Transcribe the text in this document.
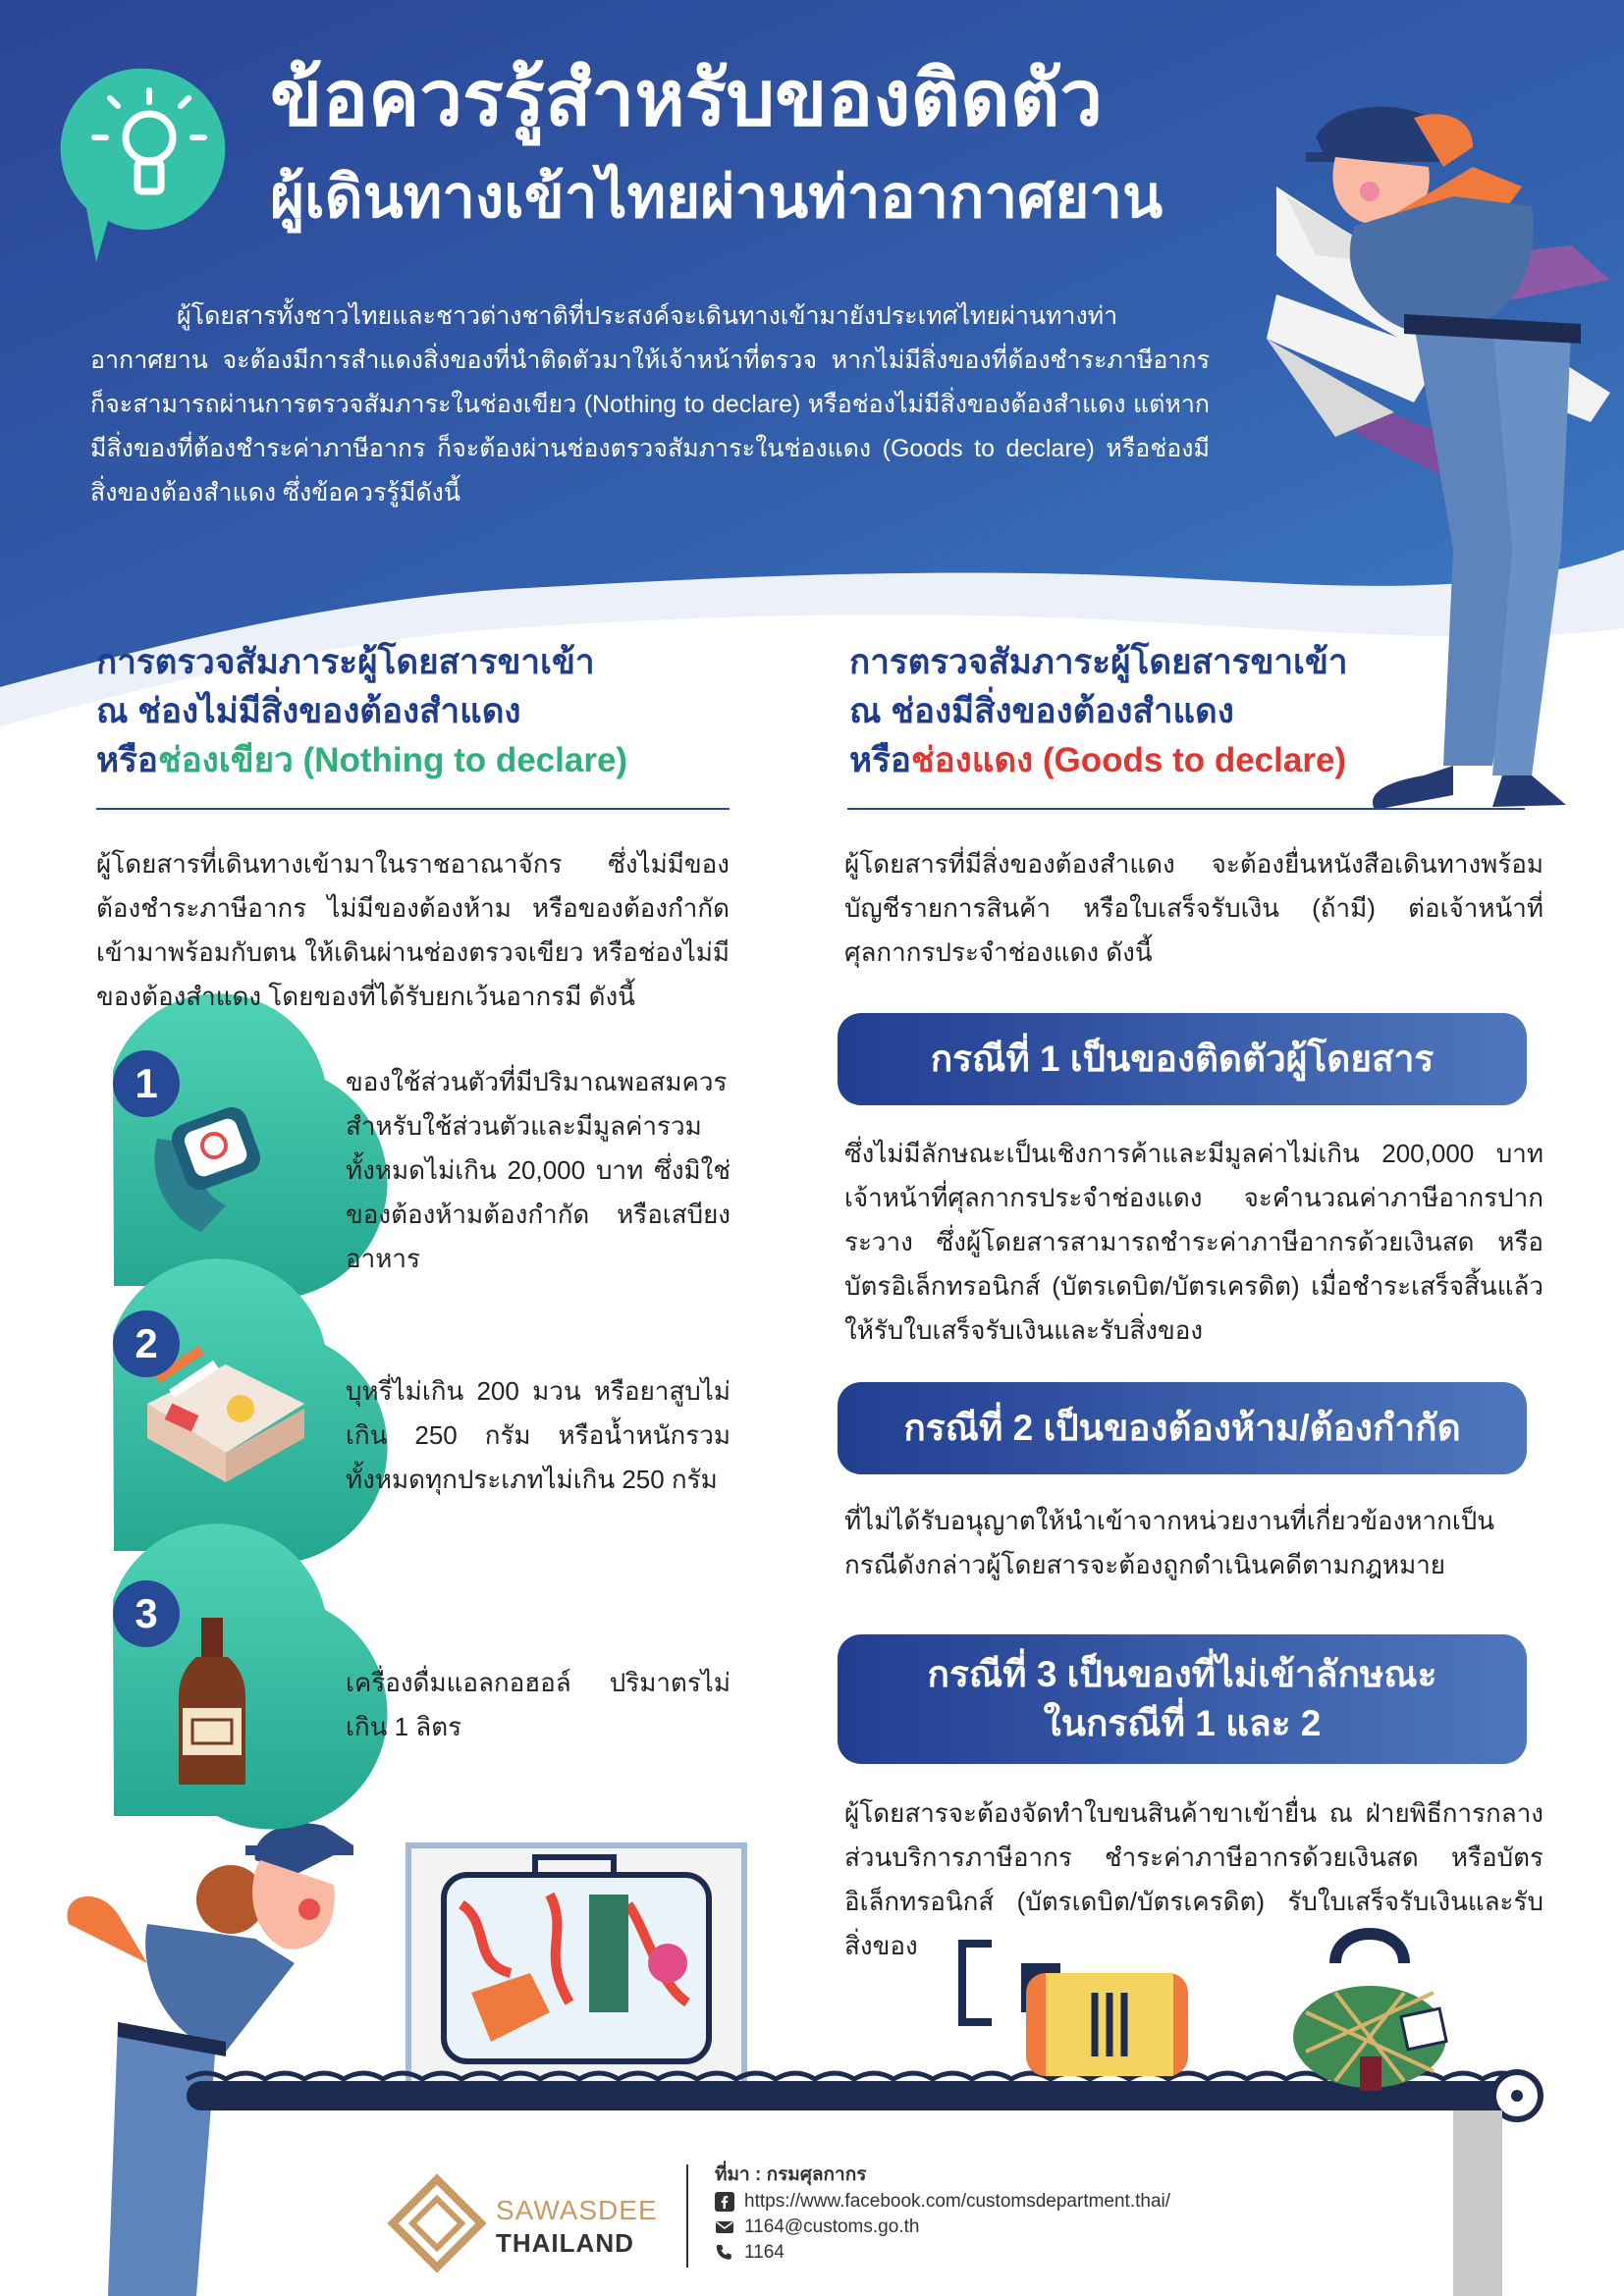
ข้อควรรู้สำหรับของติดตัว
ผู้เดินทางเข้าไทยผ่านท่าอากาศยาน

ผู้โดยสารทั้งชาวไทยและชาวต่างชาติที่ประสงค์จะเดินทางเข้ามายังประเทศไทยผ่านทางท่าอากาศยาน จะต้องมีการสำแดงสิ่งของที่นำติดตัวมาให้เจ้าหน้าที่ตรวจ หากไม่มีสิ่งของที่ต้องชำระภาษีอากร ก็จะสามารถผ่านการตรวจสัมภาระในช่องเขียว (Nothing to declare) หรือช่องไม่มีสิ่งของต้องสำแดง แต่หากมีสิ่งของที่ต้องชำระค่าภาษีอากร ก็จะต้องผ่านช่องตรวจสัมภาระในช่องแดง (Goods to declare) หรือช่องมีสิ่งของต้องสำแดง ซึ่งข้อควรรู้มีดังนี้

การตรวจสัมภาระผู้โดยสารขาเข้า
ณ ช่องไม่มีสิ่งของต้องสำแดง
หรือช่องเขียว (Nothing to declare)
ผู้โดยสารที่เดินทางเข้ามาในราชอาณาจักร ซึ่งไม่มีของต้องชำระภาษีอากร ไม่มีของต้องห้าม หรือของต้องกำกัดเข้ามาพร้อมกับตน ให้เดินผ่านช่องตรวจเขียว หรือช่องไม่มีของต้องสำแดง โดยของที่ได้รับยกเว้นอากรมี ดังนี้
1	ของใช้ส่วนตัวที่มีปริมาณพอสมควรสำหรับใช้ส่วนตัวและมีมูลค่ารวมทั้งหมดไม่เกิน 20,000 บาท ซึ่งมิใช่ของต้องห้ามต้องกำกัด หรือเสบียงอาหาร
2
บุหรี่ไม่เกิน 200 มวน หรือยาสูบไม่เกิน 250 กรัม หรือน้ำหนักรวมทั้งหมดทุกประเภทไม่เกิน 250 กรัม
3
เครื่องดื่มแอลกอฮอล์ ปริมาตรไม่เกิน 1 ลิตร
การตรวจสัมภาระผู้โดยสารขาเข้า
ณ ช่องมีสิ่งของต้องสำแดง
หรือช่องแดง (Goods to declare)
ผู้โดยสารที่มีสิ่งของต้องสำแดง จะต้องยื่นหนังสือเดินทางพร้อมบัญชีรายการสินค้า หรือใบเสร็จรับเงิน (ถ้ามี) ต่อเจ้าหน้าที่ศุลกากรประจำช่องแดง ดังนี้
กรณีที่ 1 เป็นของติดตัวผู้โดยสาร
ซึ่งไม่มีลักษณะเป็นเชิงการค้าและมีมูลค่าไม่เกิน 200,000 บาท เจ้าหน้าที่ศุลกากรประจำช่องแดง จะคำนวณค่าภาษีอากรปากระวาง ซึ่งผู้โดยสารสามารถชำระค่าภาษีอากรด้วยเงินสด หรือบัตรอิเล็กทรอนิกส์ (บัตรเดบิต/บัตรเครดิต) เมื่อชำระเสร็จสิ้นแล้วให้รับใบเสร็จรับเงินและรับสิ่งของ
กรณีที่ 2 เป็นของต้องห้าม/ต้องกำกัด
ที่ไม่ได้รับอนุญาตให้นำเข้าจากหน่วยงานที่เกี่ยวข้องหากเป็นกรณีดังกล่าวผู้โดยสารจะต้องถูกดำเนินคดีตามกฎหมาย
กรณีที่ 3 เป็นของที่ไม่เข้าลักษณะ
ในกรณีที่ 1 และ 2
ผู้โดยสารจะต้องจัดทำใบขนสินค้าขาเข้ายื่น ณ ฝ่ายพิธีการกลางส่วนบริการภาษีอากร ชำระค่าภาษีอากรด้วยเงินสด หรือบัตรอิเล็กทรอนิกส์ (บัตรเดบิต/บัตรเครดิต) รับใบเสร็จรับเงินและรับสิ่งของ
SAWASDEE
THAILAND
ที่มา : กรมศุลกากร
https://www.facebook.com/customsdepartment.thai/
1164@customs.go.th
1164
